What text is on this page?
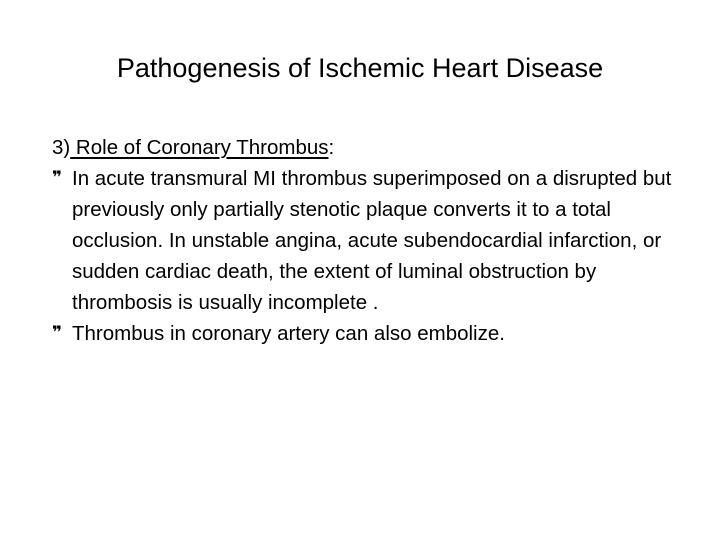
Pathogenesis of Ischemic Heart Disease
3) Role of Coronary Thrombus:
❞ In acute transmural MI thrombus superimposed on a disrupted but previously only partially stenotic plaque converts it to a total occlusion. In unstable angina, acute subendocardial infarction, or sudden cardiac death, the extent of luminal obstruction by thrombosis is usually incomplete .
❞ Thrombus in coronary artery can also embolize.
